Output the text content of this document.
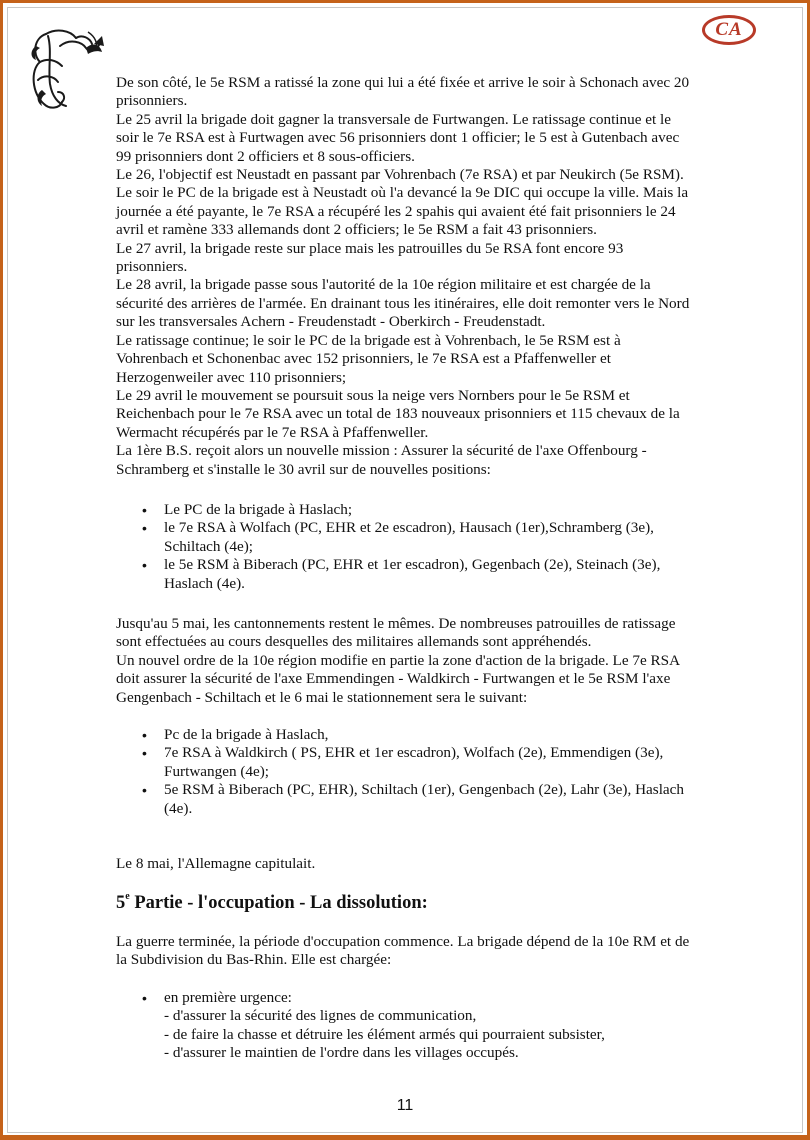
CA
De son côté, le 5e RSM a ratissé la zone qui lui a été fixée et arrive le soir à Schonach avec 20
prisonniers.
Le 25 avril la brigade doit gagner la transversale de Furtwangen. Le ratissage continue et le
soir le 7e RSA est à Furtwagen avec 56 prisonniers dont 1 officier; le 5 est à Gutenbach avec
99 prisonniers dont 2 officiers et 8 sous-officiers.
Le 26, l'objectif est Neustadt en passant par Vohrenbach (7e RSA) et par Neukirch (5e RSM).
Le soir le PC de la brigade est à Neustadt où l'a devancé la 9e DIC qui occupe la ville. Mais la
journée a été payante, le 7e RSA a récupéré les 2 spahis qui avaient été fait prisonniers le 24
avril et ramène 333 allemands dont 2 officiers; le 5e RSM a fait 43 prisonniers.
Le 27 avril, la brigade reste sur place mais les patrouilles du 5e RSA font encore 93
prisonniers.
Le 28 avril, la brigade passe sous l'autorité de la 10e région militaire et est chargée de la
sécurité des arrières de l'armée. En drainant tous les itinéraires, elle doit remonter vers le Nord
sur les transversales Achern - Freudenstadt - Oberkirch - Freudenstadt.
Le ratissage continue; le soir le PC de la brigade est à Vohrenbach, le 5e RSM est à
Vohrenbach et Schonenbac avec 152 prisonniers, le 7e RSA est a Pfaffenweller et
Herzogenweiler avec 110 prisonniers;
Le 29 avril le mouvement se poursuit sous la neige vers Nornbers pour le 5e RSM et
Reichenbach pour le 7e RSA avec un total de 183 nouveaux prisonniers et 115 chevaux de la
Wermacht récupérés par le 7e RSA à Pfaffenweller.
La 1ère B.S. reçoit alors un nouvelle mission : Assurer la sécurité de l'axe Offenbourg -
Schramberg et s'installe le 30 avril sur de nouvelles positions:
• Le PC de la brigade à Haslach;
• le 7e RSA à Wolfach (PC, EHR et 2e escadron), Hausach (1er),Schramberg (3e),
Schiltach (4e);
• le 5e RSM à Biberach (PC, EHR et 1er escadron), Gegenbach (2e), Steinach (3e),
Haslach (4e).
Jusqu'au 5 mai, les cantonnements restent le mêmes. De nombreuses patrouilles de ratissage
sont effectuées au cours desquelles des militaires allemands sont appréhendés.
Un nouvel ordre de la 10e région modifie en partie la zone d'action de la brigade. Le 7e RSA
doit assurer la sécurité de l'axe Emmendingen - Waldkirch - Furtwangen et le 5e RSM l'axe
Gengenbach - Schiltach et le 6 mai le stationnement sera le suivant:
• Pc de la brigade à Haslach,
• 7e RSA à Waldkirch ( PS, EHR et 1er escadron), Wolfach (2e), Emmendigen (3e),
Furtwangen (4e);
• 5e RSM à Biberach (PC, EHR), Schiltach (1er), Gengenbach (2e), Lahr (3e), Haslach
(4e).
Le 8 mai, l'Allemagne capitulait.
5e Partie - l'occupation - La dissolution:
La guerre terminée, la période d'occupation commence. La brigade dépend de la 10e RM et de
la Subdivision du Bas-Rhin. Elle est chargée:
• en première urgence:
- d'assurer la sécurité des lignes de communication,
- de faire la chasse et détruire les élément armés qui pourraient subsister,
- d'assurer le maintien de l'ordre dans les villages occupés.
11
